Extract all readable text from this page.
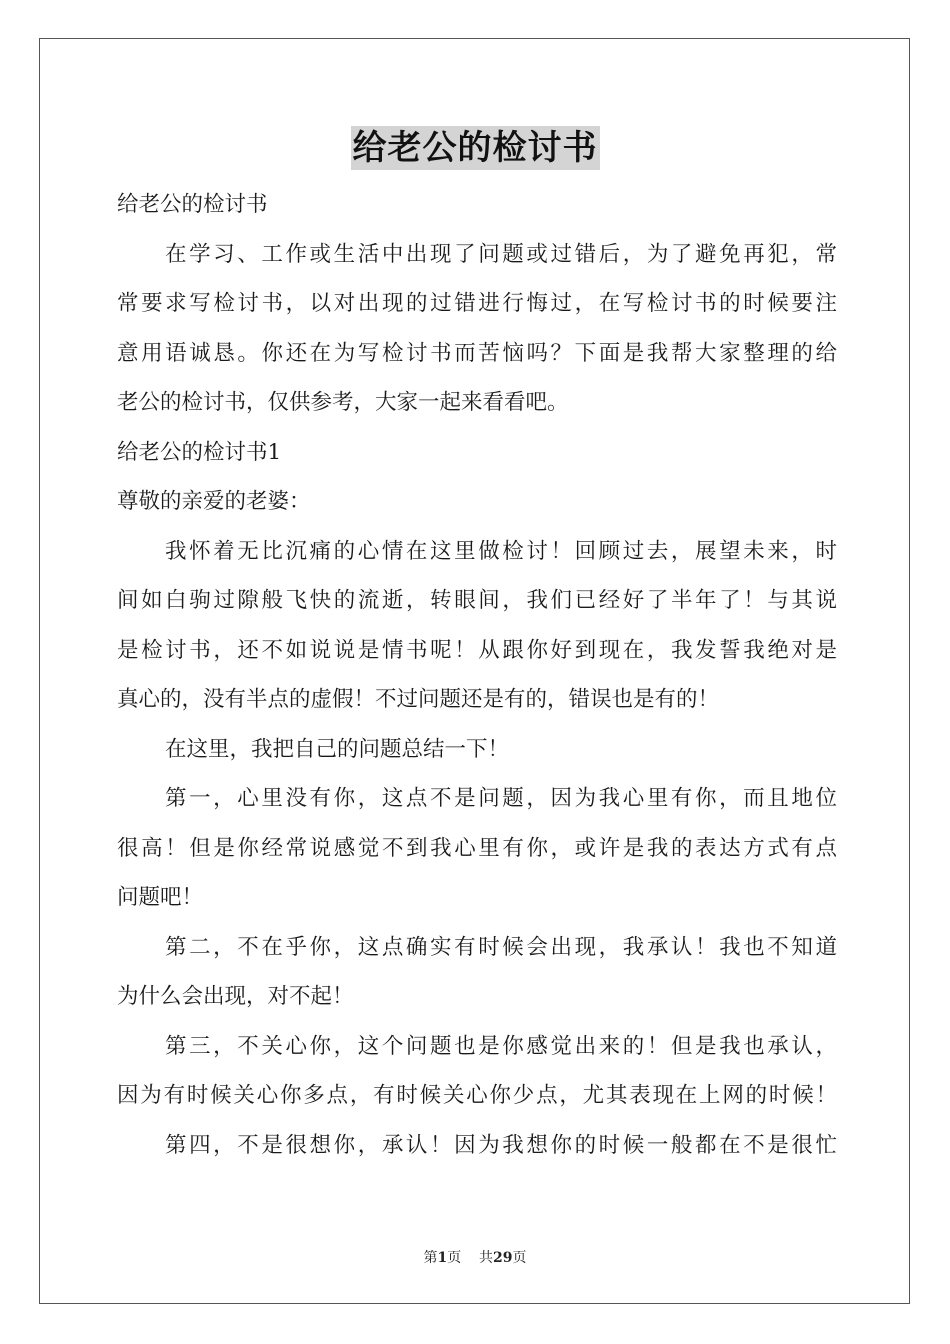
给老公的检讨书
给老公的检讨书
在学习、工作或生活中出现了问题或过错后，为了避免再犯，常
常要求写检讨书，以对出现的过错进行悔过，在写检讨书的时候要注
意用语诚恳。你还在为写检讨书而苦恼吗？下面是我帮大家整理的给
老公的检讨书，仅供参考，大家一起来看看吧。
给老公的检讨书1
尊敬的亲爱的老婆：
我怀着无比沉痛的心情在这里做检讨！回顾过去，展望未来，时
间如白驹过隙般飞快的流逝，转眼间，我们已经好了半年了！与其说
是检讨书，还不如说说是情书呢！从跟你好到现在，我发誓我绝对是
真心的，没有半点的虚假！不过问题还是有的，错误也是有的！
在这里，我把自己的问题总结一下！
第一，心里没有你，这点不是问题，因为我心里有你，而且地位
很高！但是你经常说感觉不到我心里有你，或许是我的表达方式有点
问题吧！
第二，不在乎你，这点确实有时候会出现，我承认！我也不知道
为什么会出现，对不起！
第三，不关心你，这个问题也是你感觉出来的！但是我也承认，
因为有时候关心你多点，有时候关心你少点，尤其表现在上网的时候！
第四，不是很想你，承认！因为我想你的时候一般都在不是很忙
第1页 共29页
